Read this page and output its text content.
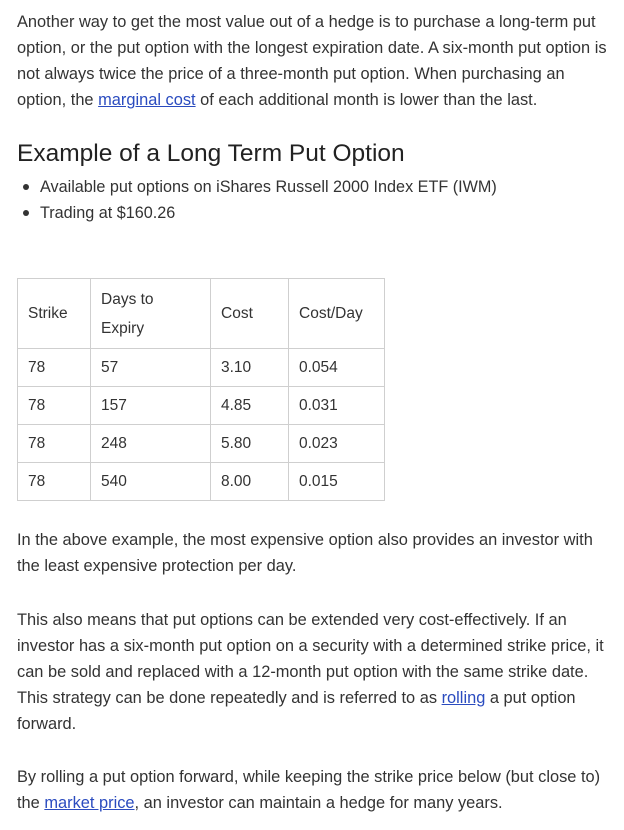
Another way to get the most value out of a hedge is to purchase a long-term put option, or the put option with the longest expiration date. A six-month put option is not always twice the price of a three-month put option. When purchasing an option, the marginal cost of each additional month is lower than the last.

Example of a Long Term Put Option
Available put options on iShares Russell 2000 Index ETF (IWM)
Trading at $160.26
Strike	Days to Expiry	Cost	Cost/Day
78	57	3.10	0.054
78	157	4.85	0.031
78	248	5.80	0.023
78	540	8.00	0.015

In the above example, the most expensive option also provides an investor with the least expensive protection per day.

This also means that put options can be extended very cost-effectively. If an investor has a six-month put option on a security with a determined strike price, it can be sold and replaced with a 12-month put option with the same strike date. This strategy can be done repeatedly and is referred to as rolling a put option forward.

By rolling a put option forward, while keeping the strike price below (but close to) the market price, an investor can maintain a hedge for many years.
